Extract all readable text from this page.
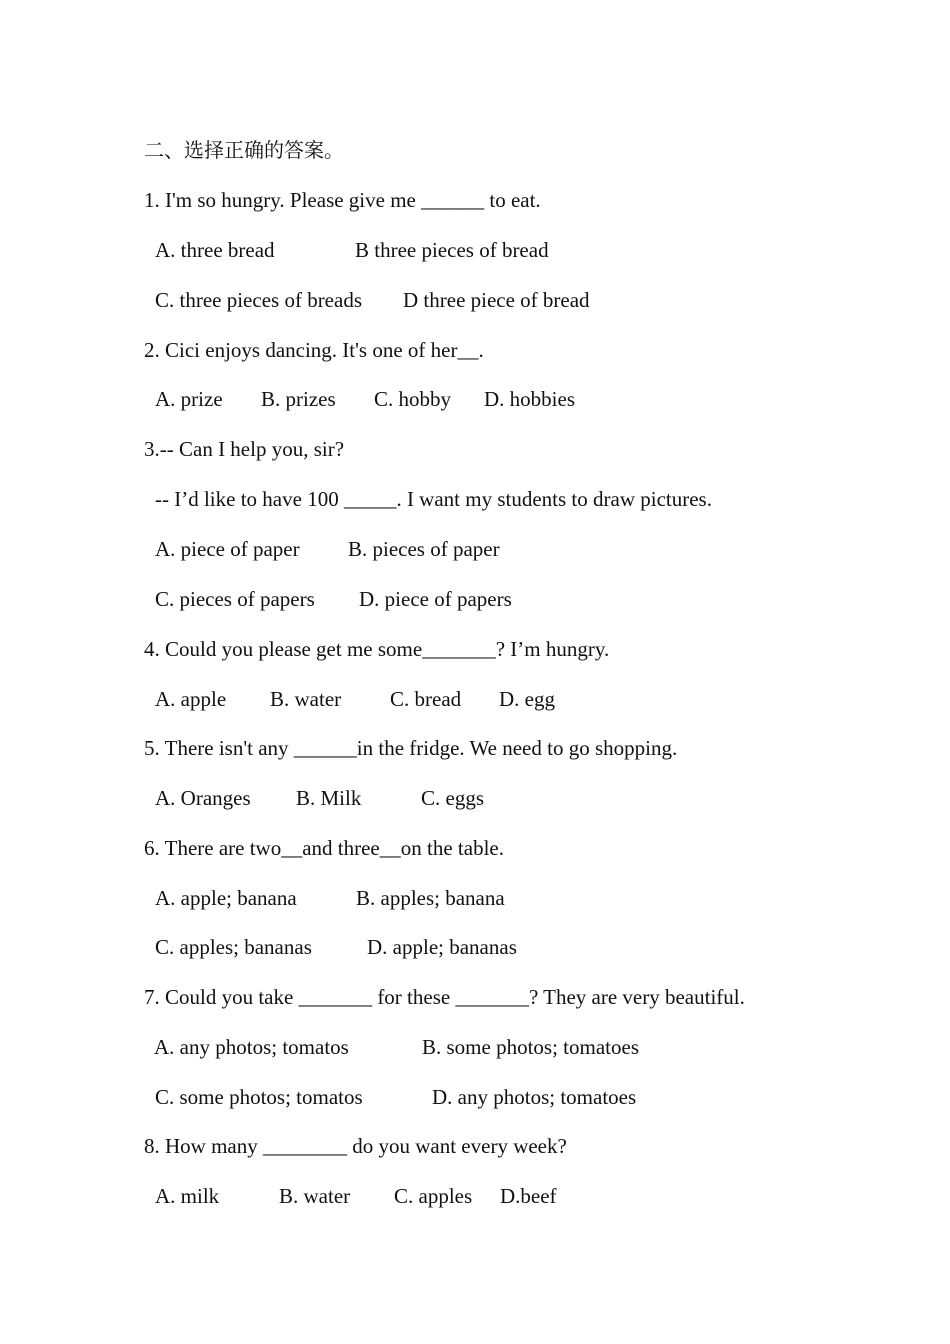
二、选择正确的答案。
1. I'm so hungry. Please give me ______ to eat.
A. three bread	B three pieces of bread
C. three pieces of breads D three piece of bread
2. Cici enjoys dancing. It's one of her__.
A. prize B. prizes C. hobby D. hobbies
3.-- Can I help you, sir?
-- I’d like to have 100 _____. I want my students to draw pictures.
A. piece of paper B. pieces of paper
C. pieces of papers D. piece of papers
4. Could you please get me some_______? I’m hungry.
A. apple B. water C. bread D. egg
5. There isn't any ______in the fridge. We need to go shopping.
A. Oranges B. Milk	C. eggs
6. There are two__and three__on the table.
A. apple; banana	B. apples; banana
C. apples; bananas	D. apple; bananas
7. Could you take _______ for these _______? They are very beautiful.
A. any photos; tomatos	B. some photos; tomatoes
C. some photos; tomatos	D. any photos; tomatoes
8. How many ________ do you want every week?
A. milk	B. water C. apples D.beef
